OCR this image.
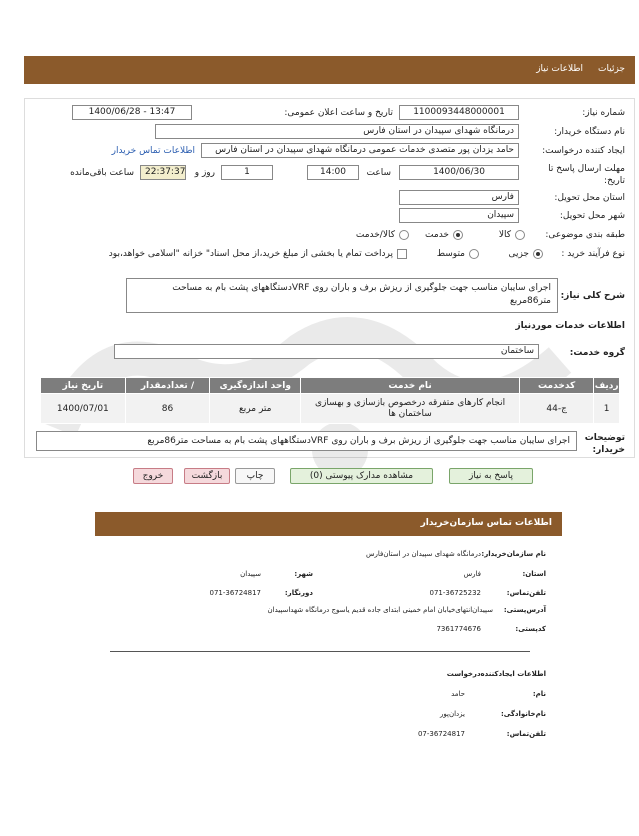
جزئیات
اطلاعات نیاز
شماره نیاز:
1100093448000001
تاریخ و ساعت اعلان عمومی:
1400/06/28 - 13:47
نام دستگاه خریدار:
درمانگاه شهدای سپیدان در استان فارس
ایجاد کننده درخواست:
حامد یزدان پور متصدی خدمات عمومی درمانگاه شهدای سپیدان در استان فارس
اطلاعات تماس خریدار
مهلت ارسال پاسخ تا تاریخ:
1400/06/30
ساعت
14:00
1
روز و
22:37:37
ساعت باقی‌مانده
استان محل تحویل:
فارس
شهر محل تحویل:
سپیدان
طبقه بندی موضوعی:
کالا
خدمت
کالا/خدمت
نوع فرآیند خرید :
جزیی
متوسط
پرداخت تمام یا بخشی از مبلغ خرید،از محل اسناد" خزانه "اسلامی خواهد،بود
شرح کلی نیاز:
اجرای سایبان مناسب جهت جلوگیری از ریزش برف و باران روی VRFدستگاههای پشت بام به مساحت متر86مربع
اطلاعات خدمات موردنیاز
گروه خدمت:
ساختمان
ردیف	کدخدمت	نام خدمت	واحد اندازه‌گیری	/ تعدادمقدار	تاریخ نیاز
1	ج-44	انجام کارهای متفرقه درخصوص بازسازی و بهسازی ساختمان ها	متر مربع	86	1400/07/01
توضیحات خریدار:
اجرای سایبان مناسب جهت جلوگیری از ریزش برف و باران روی VRFدستگاههای پشت بام به مساحت متر86مربع
پاسخ به نیاز
مشاهده مدارک پیوستی (0)
چاپ
بازگشت
خروج
اطلاعات تماس سازمان‌خریدار
نام سازمان‌خریدار:
درمانگاه شهدای سپیدان در استان‌فارس
استان:
فارس
شهر:
سپیدان
تلفن‌تماس:
071-36725232
دورنگار:
071-36724817
آدرس‌پستی:
سپیدان‌انتهای‌خیابان امام خمینی ابتدای جاده قدیم یاسوج درمانگاه شهداسپیدان
کدپستی:
7361774676
اطلاعات ایجادکننده‌درخواست
نام:
حامد
نام‌خانوادگی:
یزدان‌پور
تلفن‌تماس:
07-36724817
